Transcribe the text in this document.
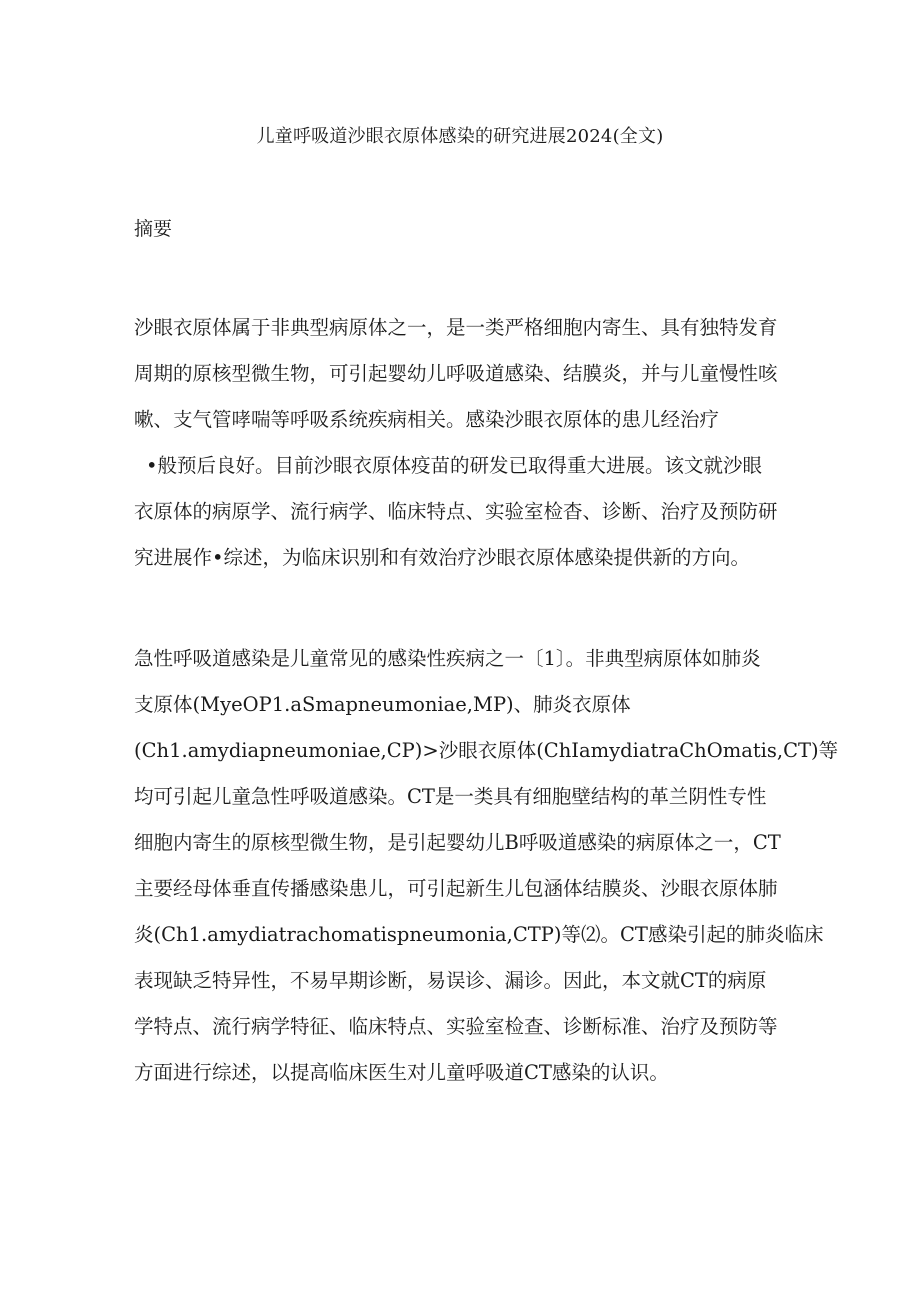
儿童呼吸道沙眼衣原体感染的研究进展2024(全文)
摘要
沙眼衣原体属于非典型病原体之一，是一类严格细胞内寄生、具有独特发育
周期的原核型微生物，可引起婴幼儿呼吸道感染、结膜炎，并与儿童慢性咳
嗽、支气管哮喘等呼吸系统疾病相关。感染沙眼衣原体的患儿经治疗
•般预后良好。目前沙眼衣原体疫苗的研发已取得重大进展。该文就沙眼
衣原体的病原学、流行病学、临床特点、实验室检杳、诊断、治疗及预防研
究进展作•综述，为临床识别和有效治疗沙眼衣原体感染提供新的方向。
急性呼吸道感染是儿童常见的感染性疾病之一〔1〕。非典型病原体如肺炎
支原体(MyeOP1.aSmapneumoniae,MP)、肺炎衣原体
(Ch1.amydiapneumoniae,CP)>沙眼衣原体(ChIamydiatraChOmatis,CT)等
均可引起儿童急性呼吸道感染。CT是一类具有细胞壁结构的革兰阴性专性
细胞内寄生的原核型微生物，是引起婴幼儿B呼吸道感染的病原体之一，CT
主要经母体垂直传播感染患儿，可引起新生儿包涵体结膜炎、沙眼衣原体肺
炎(Ch1.amydiatrachomatispneumonia,CTP)等⑵。CT感染引起的肺炎临床
表现缺乏特异性，不易早期诊断，易误诊、漏诊。因此，本文就CT的病原
学特点、流行病学特征、临床特点、实验室检查、诊断标准、治疗及预防等
方面进行综述，以提高临床医生对儿童呼吸道CT感染的认识。
